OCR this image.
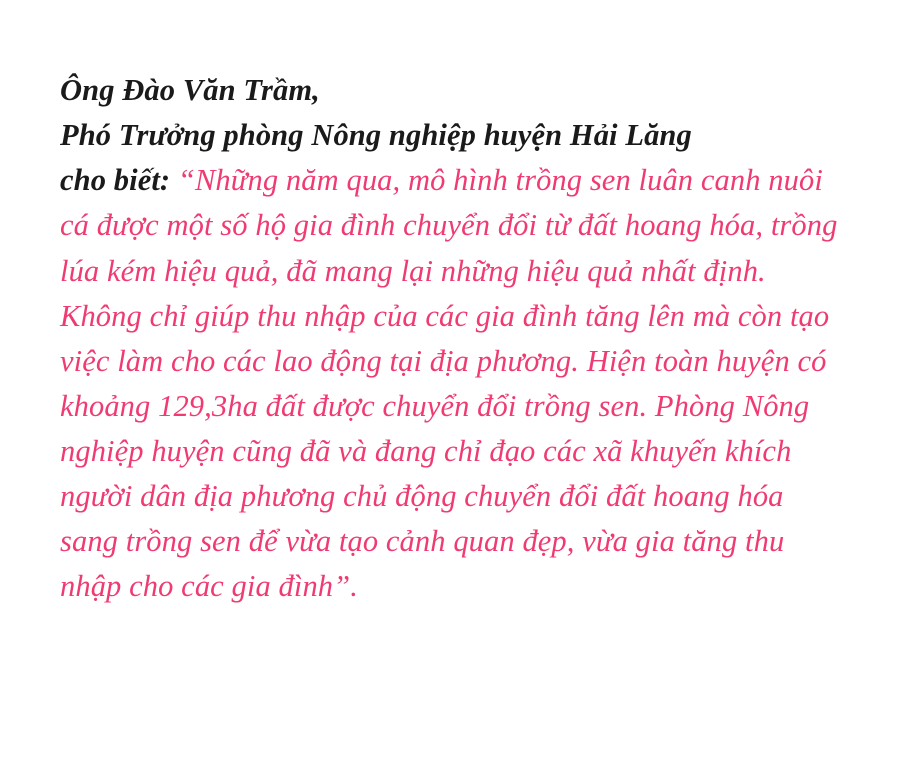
Ông Đào Văn Trầm,
Phó Trưởng phòng Nông nghiệp huyện Hải Lăng
cho biết: “Những năm qua, mô hình trồng sen luân canh nuôi cá được một số hộ gia đình chuyển đổi từ đất hoang hóa, trồng lúa kém hiệu quả, đã mang lại những hiệu quả nhất định. Không chỉ giúp thu nhập của các gia đình tăng lên mà còn tạo việc làm cho các lao động tại địa phương. Hiện toàn huyện có khoảng 129,3ha đất được chuyển đổi trồng sen. Phòng Nông nghiệp huyện cũng đã và đang chỉ đạo các xã khuyến khích người dân địa phương chủ động chuyển đổi đất hoang hóa sang trồng sen để vừa tạo cảnh quan đẹp, vừa gia tăng thu nhập cho các gia đình”.
